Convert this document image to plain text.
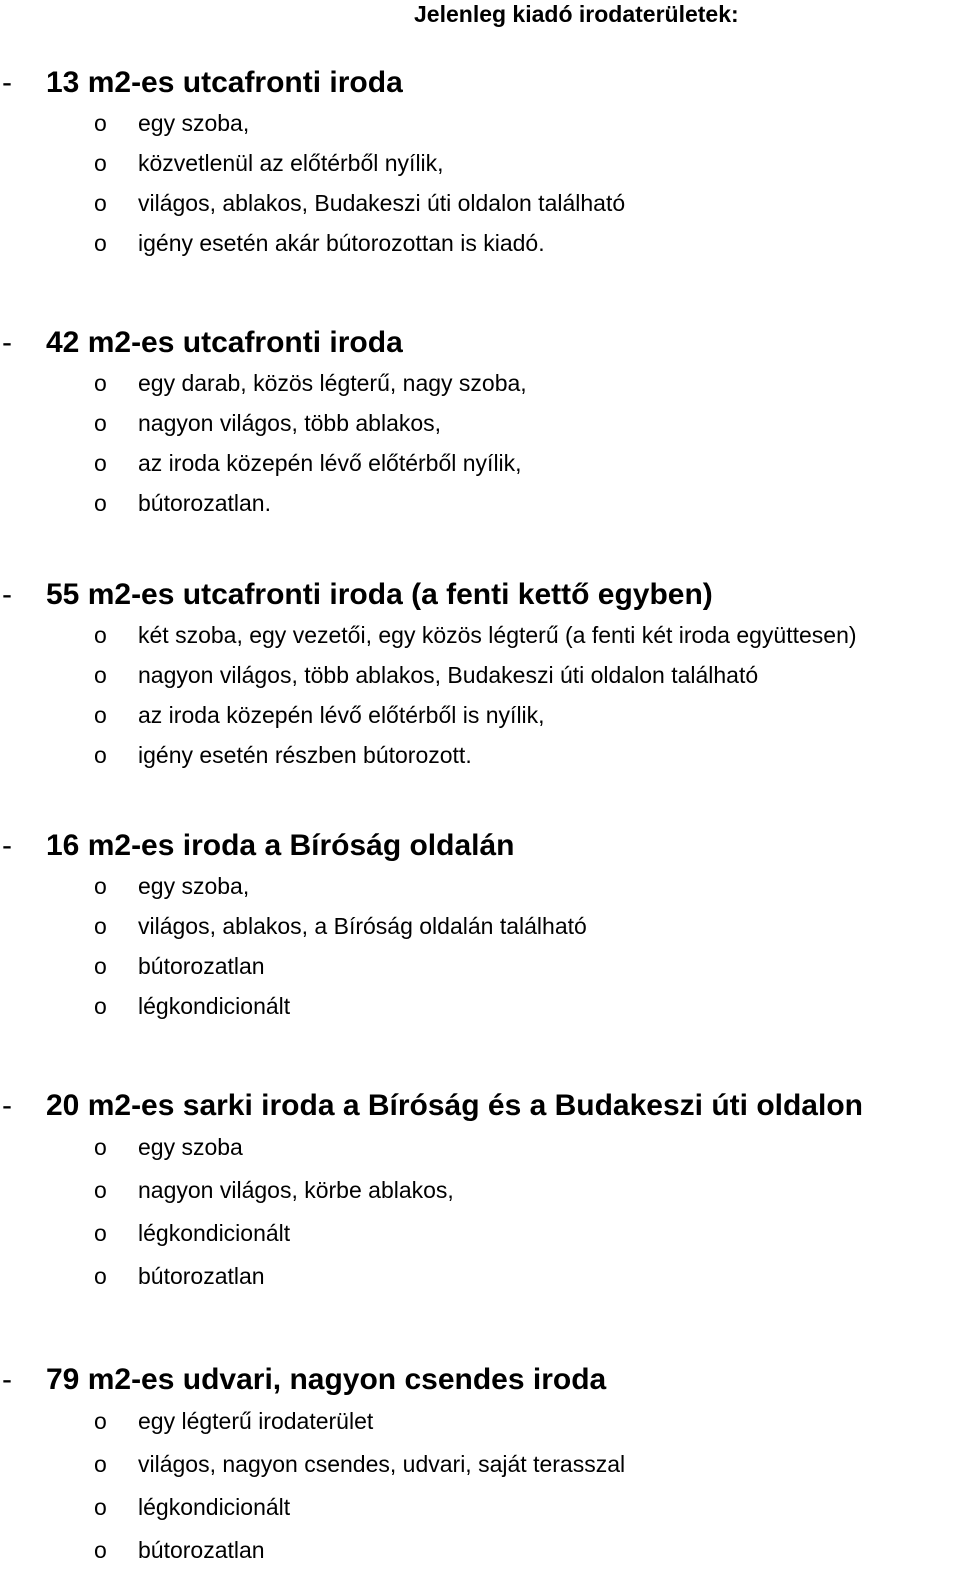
Jelenleg kiadó irodaterületek:
- 13 m2-es utcafronti iroda
o egy szoba,
o közvetlenül az előtérből nyílik,
o világos, ablakos, Budakeszi úti oldalon található
o igény esetén akár bútorozottan is kiadó.
- 42 m2-es utcafronti iroda
o egy darab, közös légterű, nagy szoba,
o nagyon világos, több ablakos,
o az iroda közepén lévő előtérből nyílik,
o bútorozatlan.
- 55 m2-es utcafronti iroda (a fenti kettő egyben)
o két szoba, egy vezetői, egy közös légterű (a fenti két iroda együttesen)
o nagyon világos, több ablakos, Budakeszi úti oldalon található
o az iroda közepén lévő előtérből is nyílik,
o igény esetén részben bútorozott.
- 16 m2-es iroda a Bíróság oldalán
o egy szoba,
o világos, ablakos, a Bíróság oldalán található
o bútorozatlan
o légkondicionált
- 20 m2-es sarki iroda a Bíróság és a Budakeszi úti oldalon
o egy szoba
o nagyon világos, körbe ablakos,
o légkondicionált
o bútorozatlan
- 79 m2-es udvari, nagyon csendes iroda
o egy légterű irodaterület
o világos, nagyon csendes, udvari, saját terasszal
o légkondicionált
o bútorozatlan
